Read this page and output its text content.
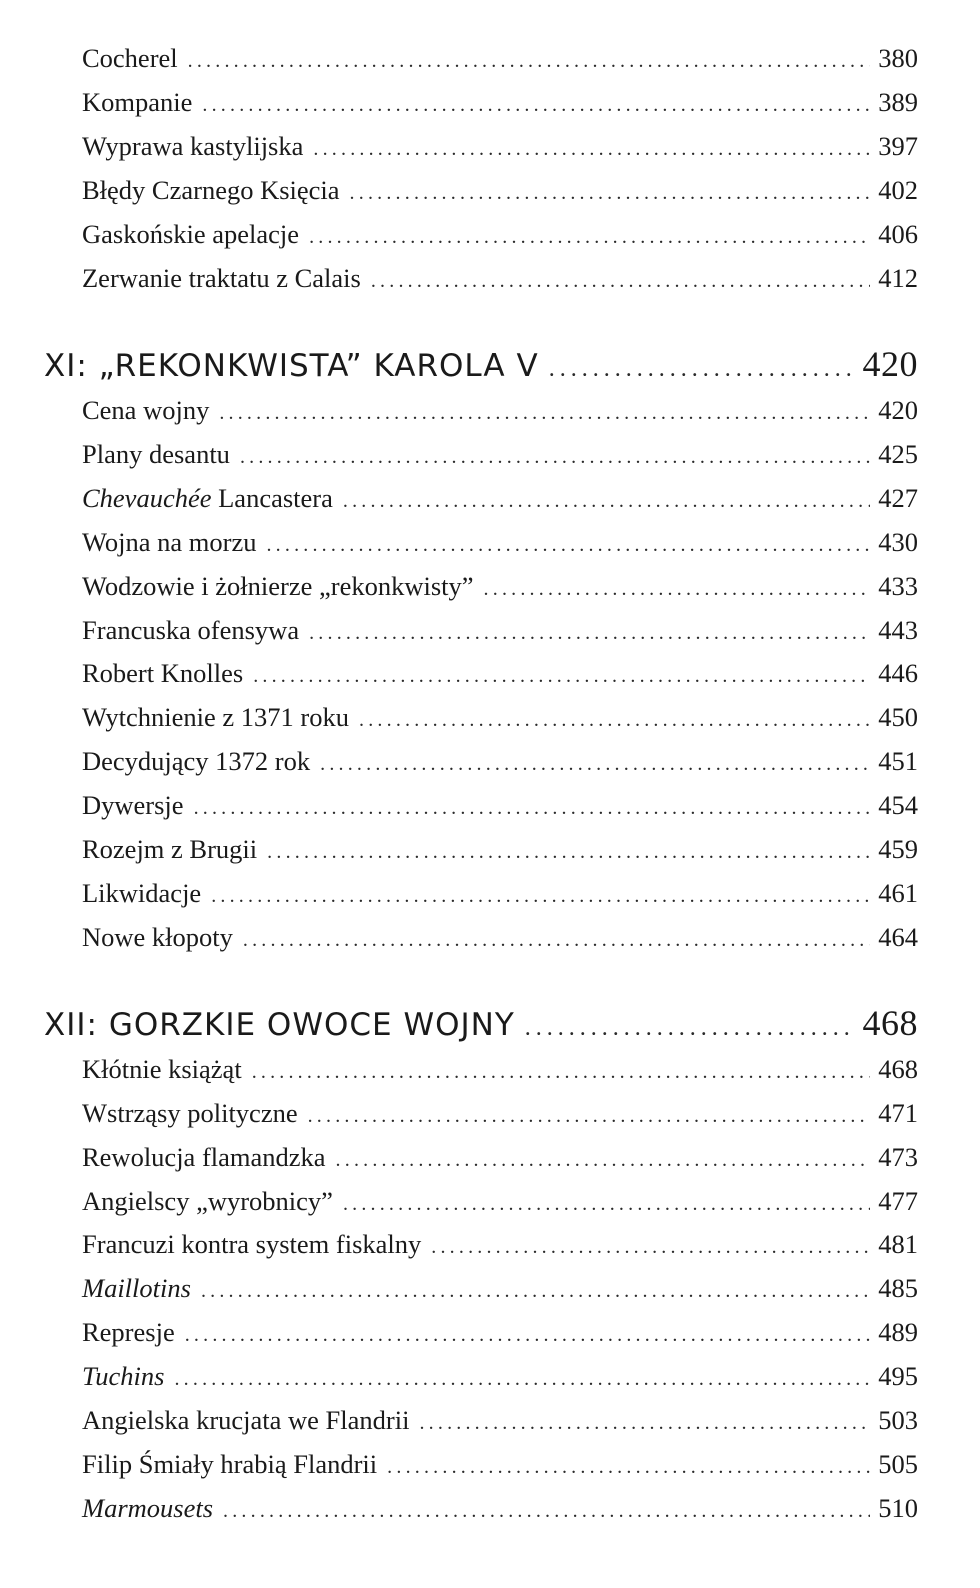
Cocherel .....	380
Kompanie .....	389
Wyprawa kastylijska .....	397
Błędy Czarnego Księcia .....	402
Gaskońskie apelacje .....	406
Zerwanie traktatu z Calais .....	412
XI: „REKONKWISTA” KAROLA V .....	420
Cena wojny .....	420
Plany desantu .....	425
Chevauchée Lancastera .....	427
Wojna na morzu .....	430
Wodzowie i żołnierze „rekonkwisty” .....	433
Francuska ofensywa .....	443
Robert Knolles .....	446
Wytchnienie z 1371 roku .....	450
Decydujący 1372 rok .....	451
Dywersje .....	454
Rozejm z Brugii .....	459
Likwidacje .....	461
Nowe kłopoty .....	464
XII: GORZKIE OWOCE WOJNY .....	468
Kłótnie książąt .....	468
Wstrząsy polityczne .....	471
Rewolucja flamandzka .....	473
Angielscy „wyrobnicy” .....	477
Francuzi kontra system fiskalny .....	481
Maillotins .....	485
Represje .....	489
Tuchins .....	495
Angielska krucjata we Flandrii .....	503
Filip Śmiały hrabią Flandrii .....	505
Marmousets .....	510
